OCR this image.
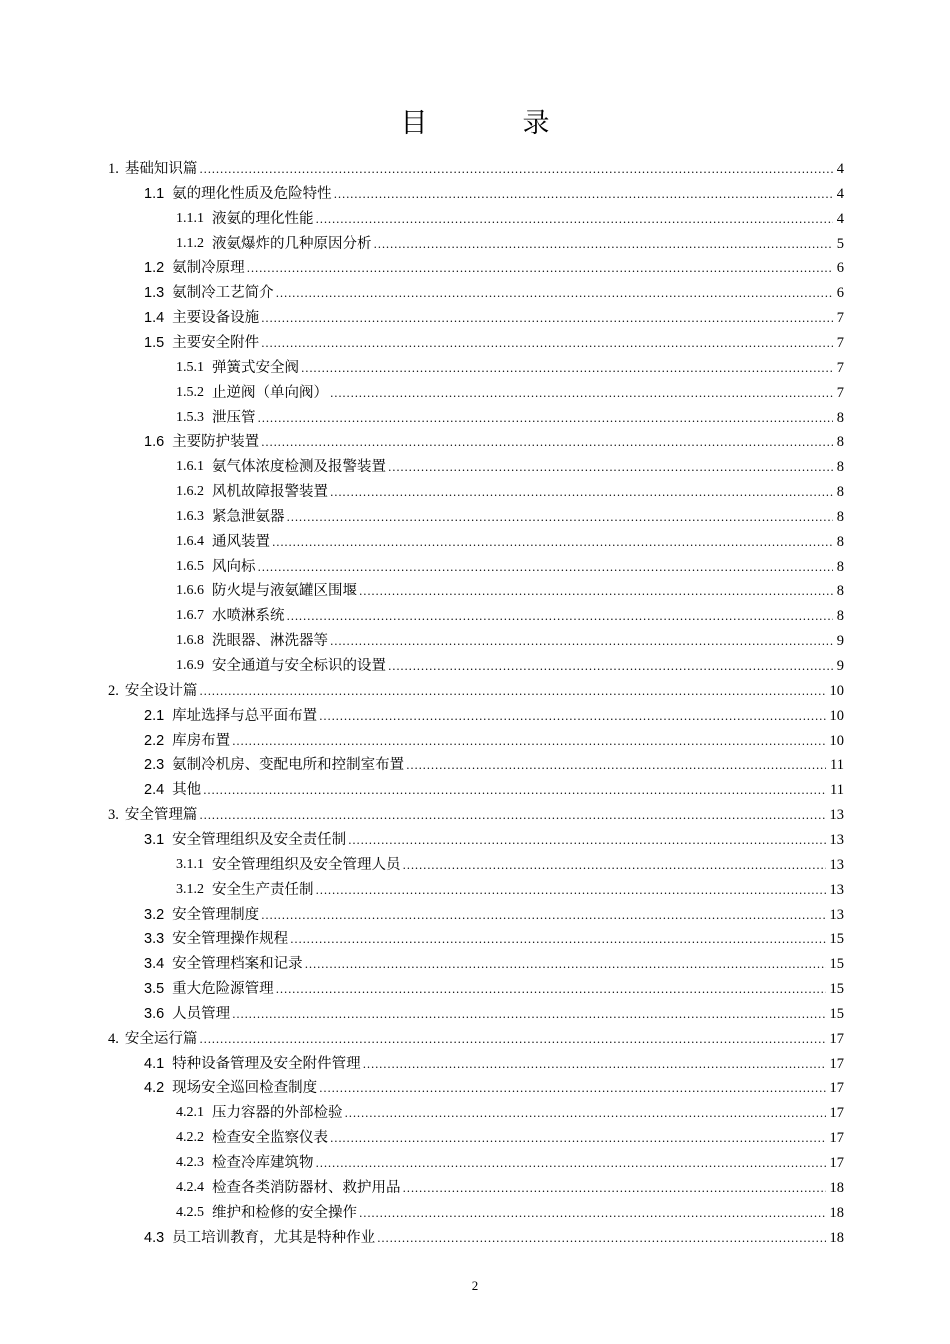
目　录
1. 基础知识篇 .....	4
1.1 氨的理化性质及危险特性 .....	4
1.1.1 液氨的理化性能 .....	4
1.1.2 液氨爆炸的几种原因分析 .....	5
1.2 氨制冷原理 .....	6
1.3 氨制冷工艺简介 .....	6
1.4 主要设备设施 .....	7
1.5 主要安全附件 .....	7
1.5.1 弹簧式安全阀 .....	7
1.5.2 止逆阀（单向阀） .....	7
1.5.3 泄压管 .....	8
1.6 主要防护装置 .....	8
1.6.1 氨气体浓度检测及报警装置 .....	8
1.6.2 风机故障报警装置 .....	8
1.6.3 紧急泄氨器 .....	8
1.6.4 通风装置 .....	8
1.6.5 风向标 .....	8
1.6.6 防火堤与液氨罐区围堰 .....	8
1.6.7 水喷淋系统 .....	8
1.6.8 洗眼器、淋洗器等 .....	9
1.6.9 安全通道与安全标识的设置 .....	9
2. 安全设计篇 .....	10
2.1 库址选择与总平面布置 .....	10
2.2 库房布置 .....	10
2.3 氨制冷机房、变配电所和控制室布置 .....	11
2.4 其他 .....	11
3. 安全管理篇 .....	13
3.1 安全管理组织及安全责任制 .....	13
3.1.1 安全管理组织及安全管理人员 .....	13
3.1.2 安全生产责任制 .....	13
3.2 安全管理制度 .....	13
3.3 安全管理操作规程 .....	15
3.4 安全管理档案和记录 .....	15
3.5 重大危险源管理 .....	15
3.6 人员管理 .....	15
4. 安全运行篇 .....	17
4.1 特种设备管理及安全附件管理 .....	17
4.2 现场安全巡回检查制度 .....	17
4.2.1 压力容器的外部检验 .....	17
4.2.2 检查安全监察仪表 .....	17
4.2.3 检查冷库建筑物 .....	17
4.2.4 检查各类消防器材、救护用品 .....	18
4.2.5 维护和检修的安全操作 .....	18
4.3 员工培训教育，尤其是特种作业 .....	18
2
